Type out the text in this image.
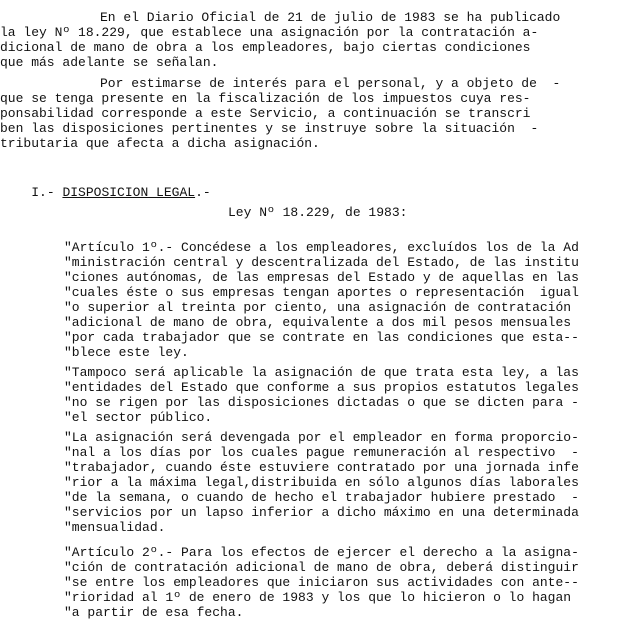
En el Diario Oficial de 21 de julio de 1983 se ha publicado
la ley Nº 18.229, que establece una asignación por la contratación a-
dicional de mano de obra a los empleadores, bajo ciertas condiciones
que más adelante se señalan.
Por estimarse de interés para el personal, y a objeto de  -
que se tenga presente en la fiscalización de los impuestos cuya res-
ponsabilidad corresponde a este Servicio, a continuación se transcri
ben las disposiciones pertinentes y se instruye sobre la situación  -
tributaria que afecta a dicha asignación.

I.- DISPOSICION LEGAL.-

Ley Nº 18.229, de 1983:
"Artículo 1º.- Concédese a los empleadores, excluídos los de la Ad
"ministración central y descentralizada del Estado, de las institu
"ciones autónomas, de las empresas del Estado y de aquellas en las
"cuales éste o sus empresas tengan aportes o representación  igual
"o superior al treinta por ciento, una asignación de contratación
"adicional de mano de obra, equivalente a dos mil pesos mensuales
"por cada trabajador que se contrate en las condiciones que esta--
"blece este ley.
"Tampoco será aplicable la asignación de que trata esta ley, a las
"entidades del Estado que conforme a sus propios estatutos legales
"no se rigen por las disposiciones dictadas o que se dicten para -
"el sector público.
"La asignación será devengada por el empleador en forma proporcio-
"nal a los días por los cuales pague remuneración al respectivo  -
"trabajador, cuando éste estuviere contratado por una jornada infe
"rior a la máxima legal,distribuida en sólo algunos días laborales
"de la semana, o cuando de hecho el trabajador hubiere prestado  -
"servicios por un lapso inferior a dicho máximo en una determinada
"mensualidad.
"Artículo 2º.- Para los efectos de ejercer el derecho a la asigna-
"ción de contratación adicional de mano de obra, deberá distinguir
"se entre los empleadores que iniciaron sus actividades con ante--
"rioridad al 1º de enero de 1983 y los que lo hicieron o lo hagan
"a partir de esa fecha.
